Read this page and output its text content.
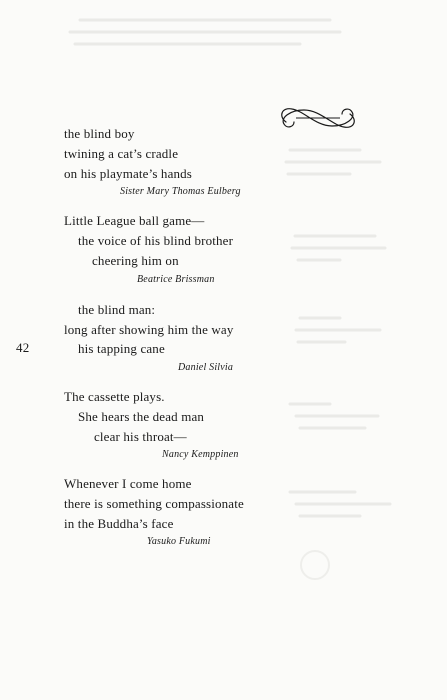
42
the blind boy
twining a cat’s cradle
on his playmate’s hands
Sister Mary Thomas Eulberg
Little League ball game—
the voice of his blind brother
cheering him on
Beatrice Brissman
the blind man:
long after showing him the way
his tapping cane
Daniel Silvia
The cassette plays.
She hears the dead man
clear his throat—
Nancy Kemppinen
Whenever I come home
there is something compassionate
in the Buddha’s face
Yasuko Fukumi
